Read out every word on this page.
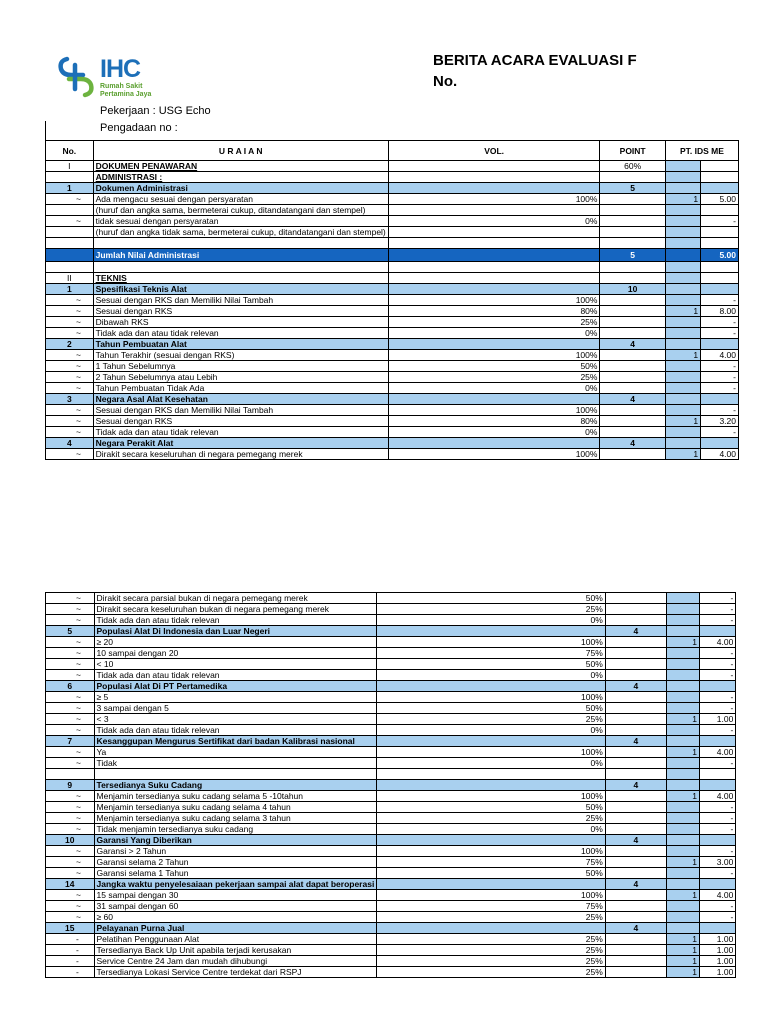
IHC
Rumah Sakit
Pertamina Jaya
BERITA ACARA EVALUASI F
No.
Pekerjaan : USG Echo
Pengadaan no :
No.	U R A I A N	VOL.	POINT	PT. IDS ME	
I	DOKUMEN PENAWARAN		60%		
	ADMINISTRASI :				
1	Dokumen Administrasi		5		
~	Ada mengacu sesuai dengan persyaratan	100%		1	5.00
	(huruf dan angka sama, bermeterai cukup, ditandatangani dan stempel)				
~	tidak sesuai dengan persyaratan	0%			-
	(huruf dan angka tidak sama, bermeterai cukup, ditandatangani dan stempel)				

	Jumlah Nilai Administrasi		5		5.00

II	TEKNIS				
1	Spesifikasi Teknis Alat		10		
~	Sesuai dengan RKS dan Memiliki Nilai Tambah	100%			-
~	Sesuai dengan RKS	80%		1	8.00
~	Dibawah RKS	25%			-
~	Tidak ada dan atau tidak relevan	0%			-
2	Tahun Pembuatan Alat		4		
~	Tahun Terakhir (sesuai dengan RKS)	100%		1	4.00
~	1 Tahun Sebelumnya	50%			-
~	2 Tahun Sebelumnya atau Lebih	25%			-
~	Tahun Pembuatan Tidak Ada	0%			-
3	Negara Asal Alat Kesehatan		4		
~	Sesuai dengan RKS dan Memiliki Nilai Tambah	100%			-
~	Sesuai dengan RKS	80%		1	3.20
~	Tidak ada dan atau tidak relevan	0%			-
4	Negara Perakit Alat		4		
~	Dirakit secara keseluruhan di negara pemegang merek	100%		1	4.00
~	Dirakit secara parsial bukan di negara pemegang merek	50%			-
~	Dirakit secara keseluruhan bukan di negara pemegang merek	25%			-
~	Tidak ada dan atau tidak relevan	0%			-
5	Populasi Alat Di Indonesia dan Luar Negeri		4		
~	≥ 20	100%		1	4.00
~	10 sampai dengan 20	75%			-
~	< 10	50%			-
~	Tidak ada dan atau tidak relevan	0%			-
6	Populasi Alat Di PT Pertamedika		4		
~	≥ 5	100%			-
~	3 sampai dengan 5	50%			-
~	< 3	25%		1	1.00
~	Tidak ada dan atau tidak relevan	0%			-
7	Kesanggupan Mengurus Sertifikat dari badan Kalibrasi nasional		4		
~	Ya	100%		1	4.00
~	Tidak	0%			-

9	Tersedianya Suku Cadang		4		
~	Menjamin tersedianya suku cadang selama 5 -10tahun	100%		1	4.00
~	Menjamin tersedianya suku cadang selama 4 tahun	50%			-
~	Menjamin tersedianya suku cadang selama 3 tahun	25%			-
~	Tidak menjamin tersedianya suku cadang	0%			-
10	Garansi Yang Diberikan		4		
~	Garansi > 2 Tahun	100%			-
~	Garansi selama 2 Tahun	75%		1	3.00
~	Garansi selama 1 Tahun	50%			-
14	Jangka waktu penyelesaiaan pekerjaan sampai alat dapat beroperasi		4		
~	15 sampai dengan 30	100%		1	4.00
~	31 sampai dengan 60	75%			-
~	≥ 60	25%			-
15	Pelayanan Purna Jual		4		
-	Pelatihan Penggunaan Alat	25%		1	1.00
-	Tersedianya Back Up Unit apabila terjadi kerusakan	25%		1	1.00
-	Service Centre 24 Jam dan mudah dihubungi	25%		1	1.00
-	Tersedianya Lokasi Service Centre terdekat dari RSPJ	25%		1	1.00
